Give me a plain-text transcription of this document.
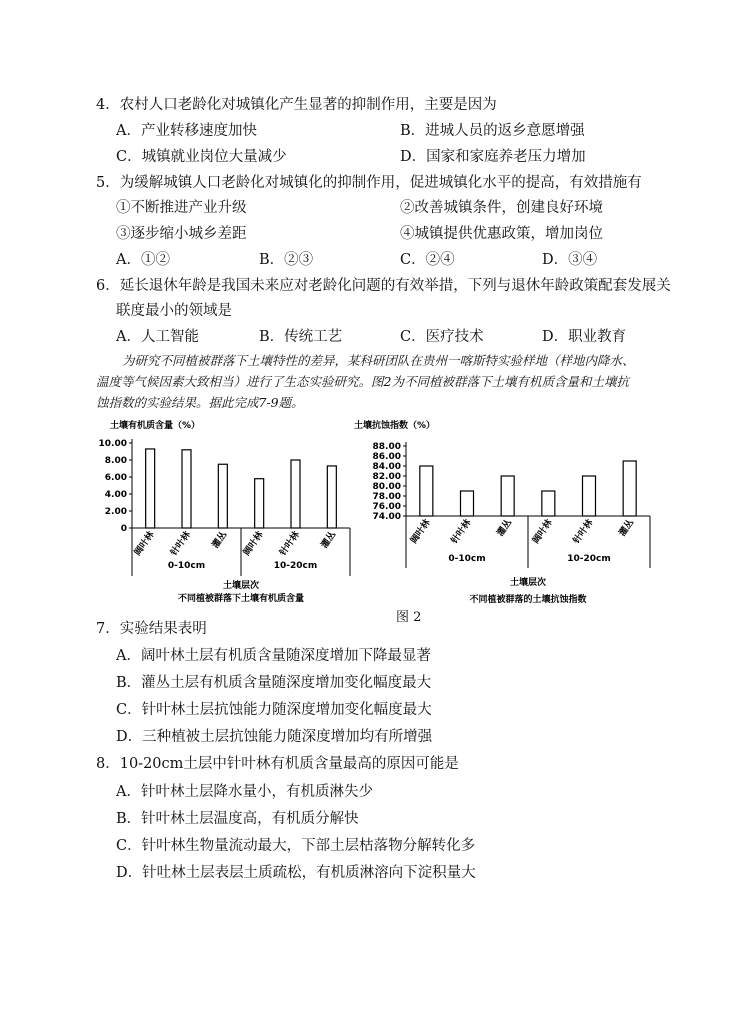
4．农村人口老龄化对城镇化产生显著的抑制作用，主要是因为
A．产业转移速度加快	B．进城人员的返乡意愿增强
C．城镇就业岗位大量减少	D．国家和家庭养老压力增加
5．为缓解城镇人口老龄化对城镇化的抑制作用，促进城镇化水平的提高，有效措施有
①不断推进产业升级	②改善城镇条件，创建良好环境
③逐步缩小城乡差距	④城镇提供优惠政策，增加岗位
A．①②	B．②③	C．②④	D．③④
6．延长退休年龄是我国未来应对老龄化问题的有效举措，下列与退休年龄政策配套发展关
联度最小的领域是
A．人工智能	B．传统工艺	C．医疗技术	D．职业教育

为研究不同植被群落下土壤特性的差异，某科研团队在贵州一喀斯特实验样地（样地内降水、温度等气候因素大致相当）进行了生态实验研究。图2为不同植被群落下土壤有机质含量和土壤抗蚀指数的实验结果。据此完成7-9题。

土壤有机质含量（%）
0
2.00
4.00
6.00
8.00
10.00
阔叶林 针叶林 灌丛 阔叶林 针叶林 灌丛
0-10cm	10-20cm
土壤层次
不同植被群落下土壤有机质含量
土壤抗蚀指数（%）
74.00
76.00
78.00
80.00
82.00
84.00
86.00
88.00
阔叶林 针叶林 灌丛 阔叶林 针叶林 灌丛
0-10cm	10-20cm
土壤层次
不同植被群落的土壤抗蚀指数
图 2
7．实验结果表明
A．阔叶林土层有机质含量随深度增加下降最显著
B．灌丛土层有机质含量随深度增加变化幅度最大
C．针叶林土层抗蚀能力随深度增加变化幅度最大
D．三种植被土层抗蚀能力随深度增加均有所增强
8．10-20cm土层中针叶林有机质含量最高的原因可能是
A．针叶林土层降水量小，有机质淋失少
B．针叶林土层温度高，有机质分解快
C．针叶林生物量流动最大，下部土层枯落物分解转化多
D．针吐林土层表层土质疏松，有机质淋溶向下淀积量大
